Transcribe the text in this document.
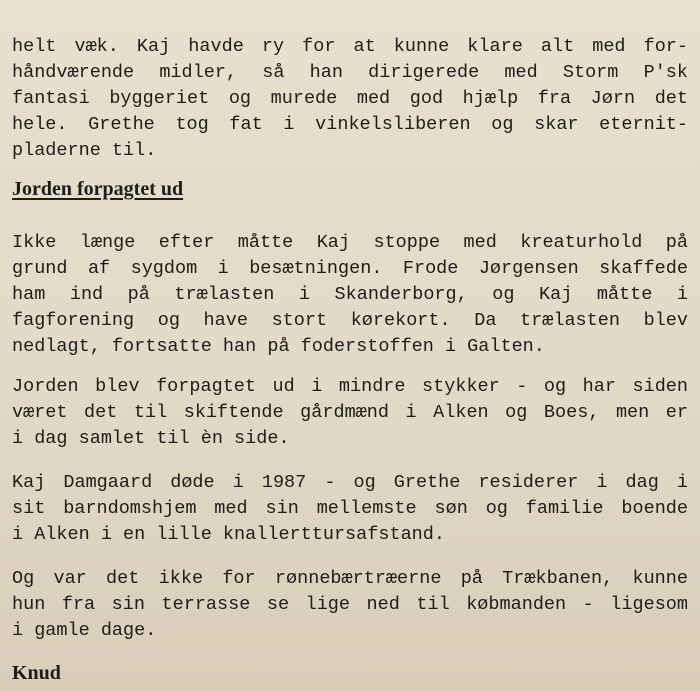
helt væk. Kaj havde ry for at kunne klare alt med for-
håndværende midler, så han dirigerede med Storm P'sk
fantasi byggeriet og murede med god hjælp fra Jørn det
hele. Grethe tog fat i vinkelsliberen og skar eternit-
pladerne til.
Jorden forpagtet ud
Ikke længe efter måtte Kaj stoppe med kreaturhold på
grund af sygdom i besætningen. Frode Jørgensen skaffede
ham ind på trælasten i Skanderborg, og Kaj måtte i
fagforening og have stort kørekort. Da trælasten blev
nedlagt, fortsatte han på foderstoffen i Galten.
Jorden blev forpagtet ud i mindre stykker - og har siden
været det til skiftende gårdmænd i Alken og Boes, men er
i dag samlet til èn side.
Kaj Damgaard døde i 1987 - og Grethe residerer i dag i
sit barndomshjem med sin mellemste søn og familie boende
i Alken i en lille knallerttursafstand.
Og var det ikke for rønnebærtræerne på Trækbanen, kunne
hun fra sin terrasse se lige ned til købmanden - ligesom
i gamle dage.
Knud
